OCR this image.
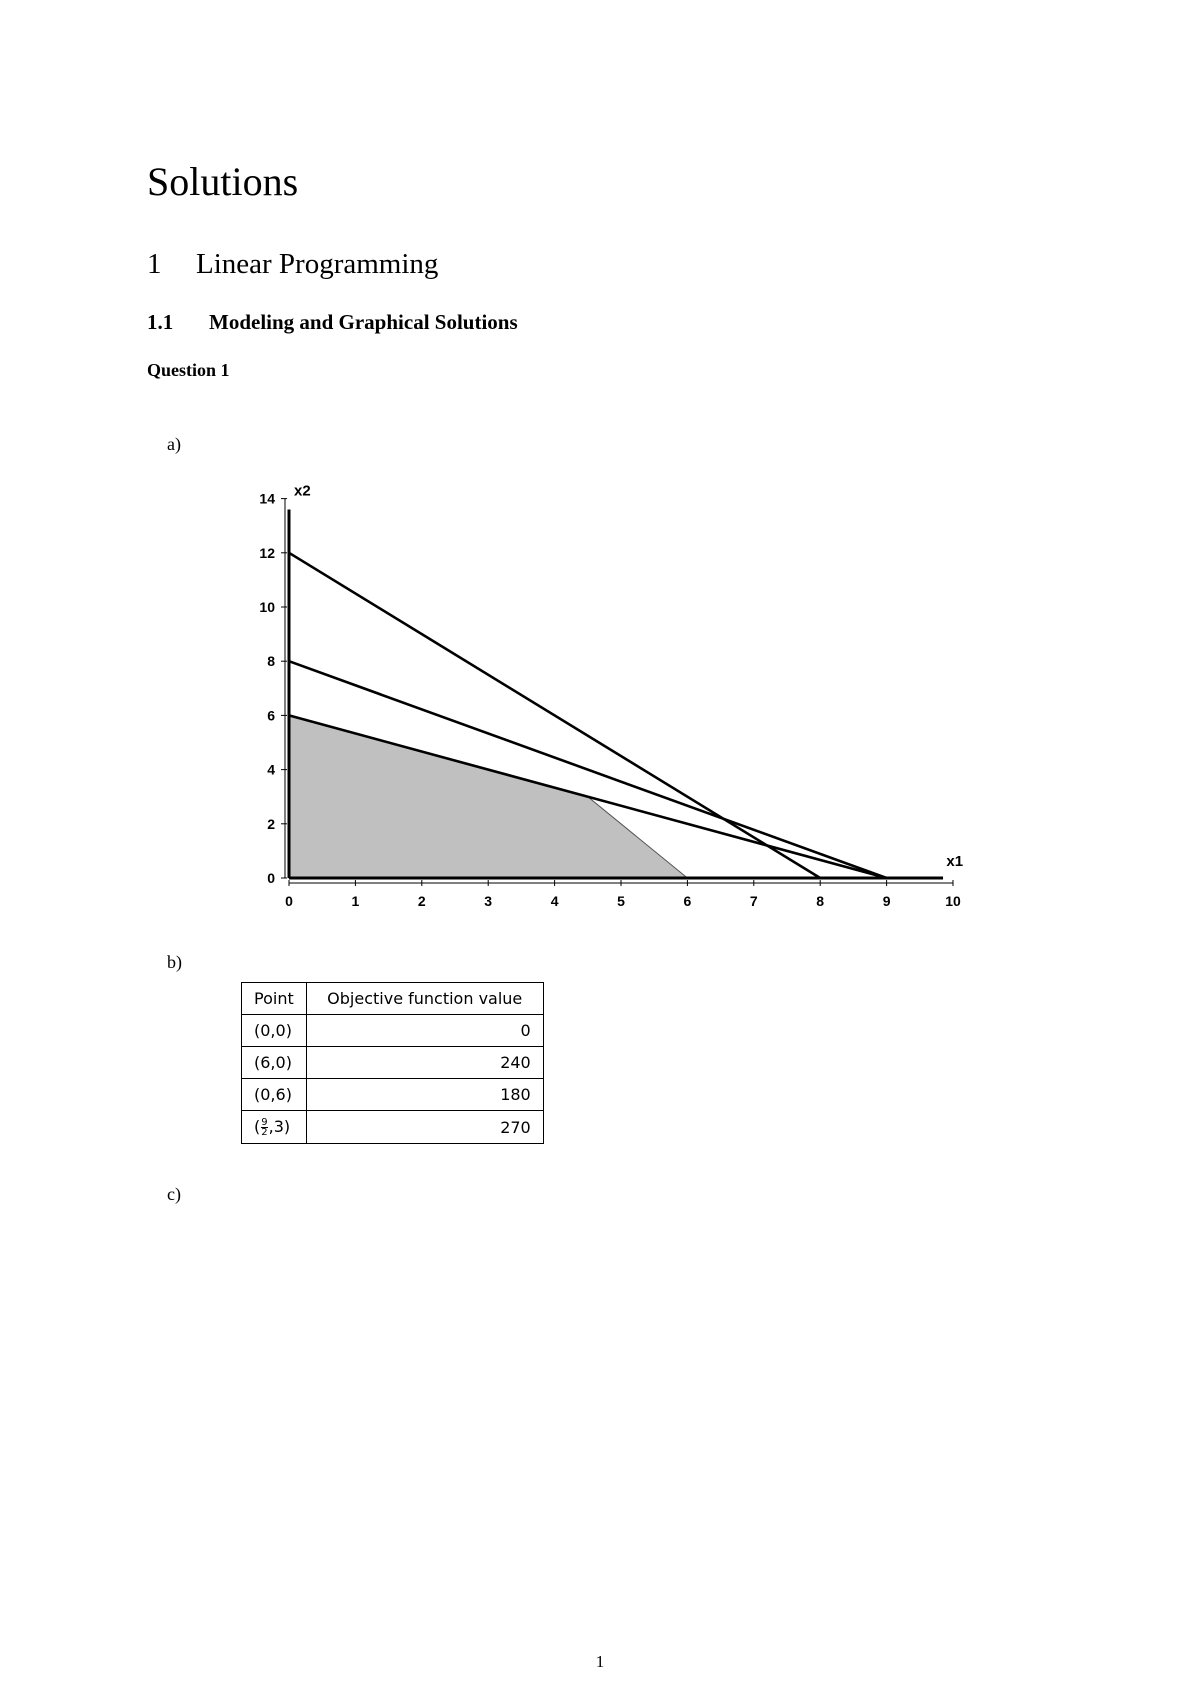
Solutions
1 Linear Programming
1.1 Modeling and Graphical Solutions
Question 1
a)
0	1	2	3	4	5	6	7	8	9	10
0
2
4
6
8
10
12
14
x1
x2
b)
Point	Objective function value
(0,0)	0
(6,0)	240
(0,6)	180
( $\frac{9}{2} ,3$)	270
c)
1
